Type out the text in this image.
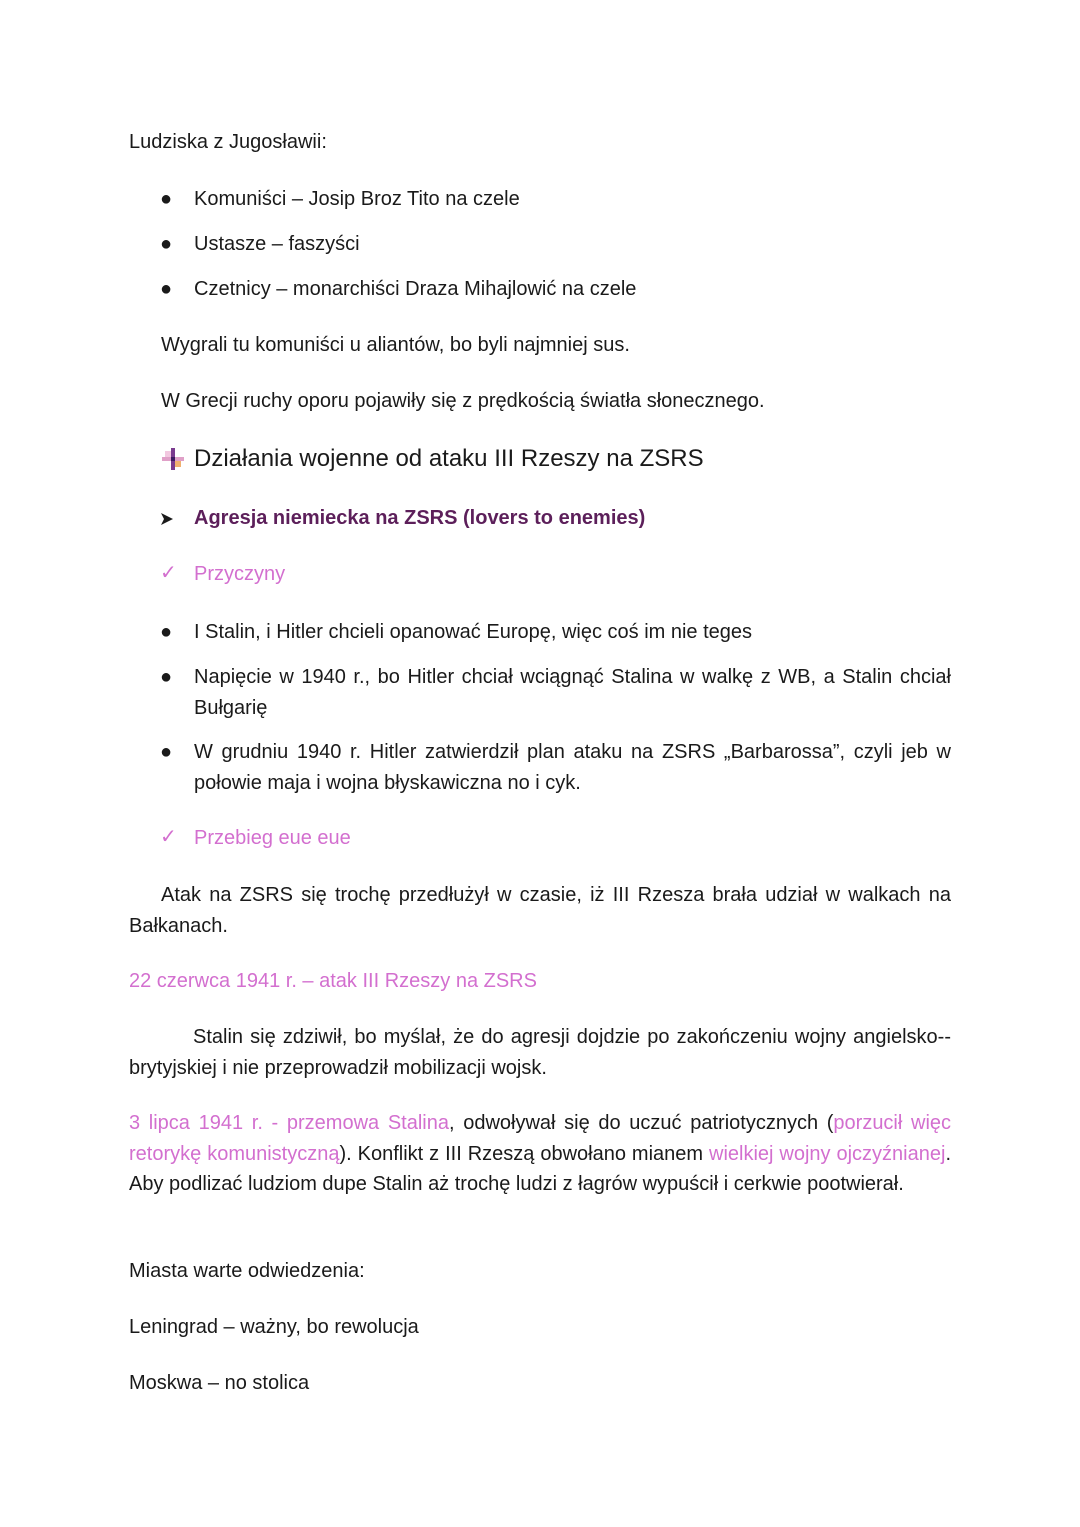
Ludziska z Jugosławii:
● Komuniści – Josip Broz Tito na czele
● Ustasze – faszyści
● Czetnicy – monarchiści Draza Mihajlowić na czele
Wygrali tu komuniści u aliantów, bo byli najmniej sus.
W Grecji ruchy oporu pojawiły się z prędkością światła słonecznego.
Działania wojenne od ataku III Rzeszy na ZSRS
Agresja niemiecka na ZSRS (lovers to enemies)
✓ Przyczyny
● I Stalin, i Hitler chcieli opanować Europę, więc coś im nie teges
● Napięcie w 1940 r., bo Hitler chciał wciągnąć Stalina w walkę z WB, a Stalin chciał Bułgarię
● W grudniu 1940 r. Hitler zatwierdził plan ataku na ZSRS „Barbarossa”, czyli jeb w połowie maja i wojna błyskawiczna no i cyk.
✓ Przebieg eue eue
Atak na ZSRS się trochę przedłużył w czasie, iż III Rzesza brała udział w walkach na Bałkanach.
22 czerwca 1941 r. – atak III Rzeszy na ZSRS
Stalin się zdziwił, bo myślał, że do agresji dojdzie po zakończeniu wojny angielsko--brytyjskiej i nie przeprowadził mobilizacji wojsk.
3 lipca 1941 r. - przemowa Stalina, odwoływał się do uczuć patriotycznych (porzucił więc retorykę komunistyczną). Konflikt z III Rzeszą obwołano mianem wielkiej wojny ojczyźnianej. Aby podlizać ludziom dupe Stalin aż trochę ludzi z łagrów wypuścił i cerkwie pootwierał.
Miasta warte odwiedzenia:
Leningrad – ważny, bo rewolucja
Moskwa – no stolica
